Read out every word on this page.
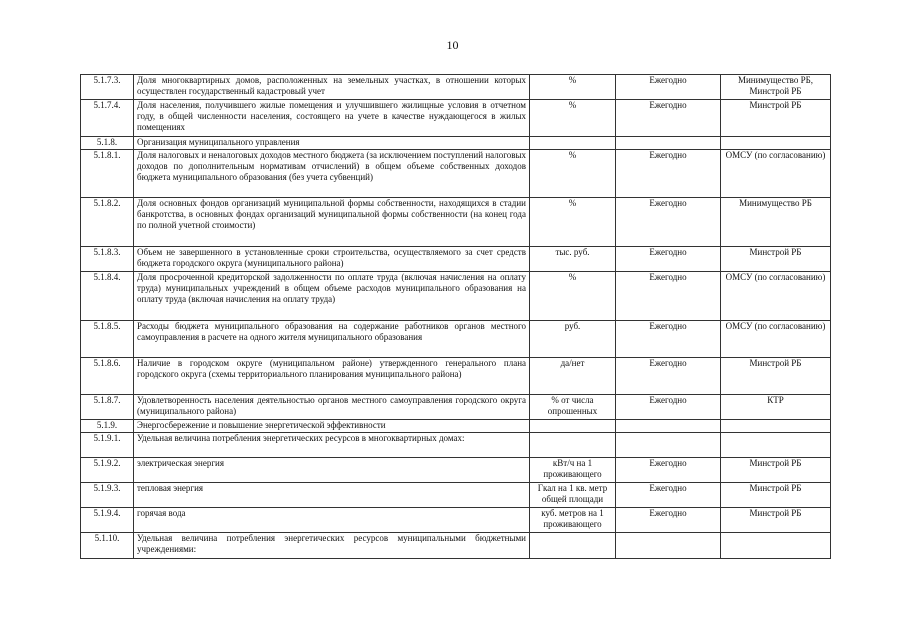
10
5.1.7.3.	Доля многоквартирных домов, расположенных на земельных участках, в отношении которых осуществлен государственный кадастровый учет	%	Ежегодно	Минимущество РБ, Минстрой РБ

5.1.7.4.	Доля населения, получившего жилые помещения и улучшившего жилищные условия в отчетном году, в общей численности населения, состоящего на учете в качестве нуждающегося в жилых помещениях	%	Ежегодно	Минстрой РБ

5.1.8.	Организация муниципального управления			

5.1.8.1.	Доля налоговых и неналоговых доходов местного бюджета (за исключением поступлений налоговых доходов по дополнительным нормативам отчислений) в общем объеме собственных доходов бюджета муниципального образования (без учета субвенций)	%	Ежегодно	ОМСУ (по согласованию)

5.1.8.2.	Доля основных фондов организаций муниципальной формы собственности, находящихся в стадии банкротства, в основных фондах организаций муниципальной формы собственности (на конец года по полной учетной стоимости)	%	Ежегодно	Минимущество РБ

5.1.8.3.	Объем не завершенного в установленные сроки строительства, осуществляемого за счет средств бюджета городского округа (муниципального района)	тыс. руб.	Ежегодно	Минстрой РБ

5.1.8.4.	Доля просроченной кредиторской задолженности по оплате труда (включая начисления на оплату труда) муниципальных учреждений в общем объеме расходов муниципального образования на оплату труда (включая начисления на оплату труда)	%	Ежегодно	ОМСУ (по согласованию)

5.1.8.5.	Расходы бюджета муниципального образования на содержание работников органов местного самоуправления в расчете на одного жителя муниципального образования	руб.	Ежегодно	ОМСУ (по согласованию)

5.1.8.6.	Наличие в городском округе (муниципальном районе) утвержденного генерального плана городского округа (схемы территориального планирования муниципального района)	да/нет	Ежегодно	Минстрой РБ

5.1.8.7.	Удовлетворенность населения деятельностью органов местного самоуправления городского округа (муниципального района)	% от числа опрошенных	Ежегодно	КТР

5.1.9.	Энергосбережение и повышение энергетической эффективности			

5.1.9.1.	Удельная величина потребления энергетических ресурсов в многоквартирных домах:			

5.1.9.2.	электрическая энергия	кВт/ч на 1 проживающего	Ежегодно	Минстрой РБ

5.1.9.3.	тепловая энергия	Гкал на 1 кв. метр общей площади	Ежегодно	Минстрой РБ

5.1.9.4.	горячая вода	куб. метров на 1 проживающего	Ежегодно	Минстрой РБ

5.1.10.	Удельная величина потребления энергетических ресурсов муниципальными бюджетными учреждениями:			
